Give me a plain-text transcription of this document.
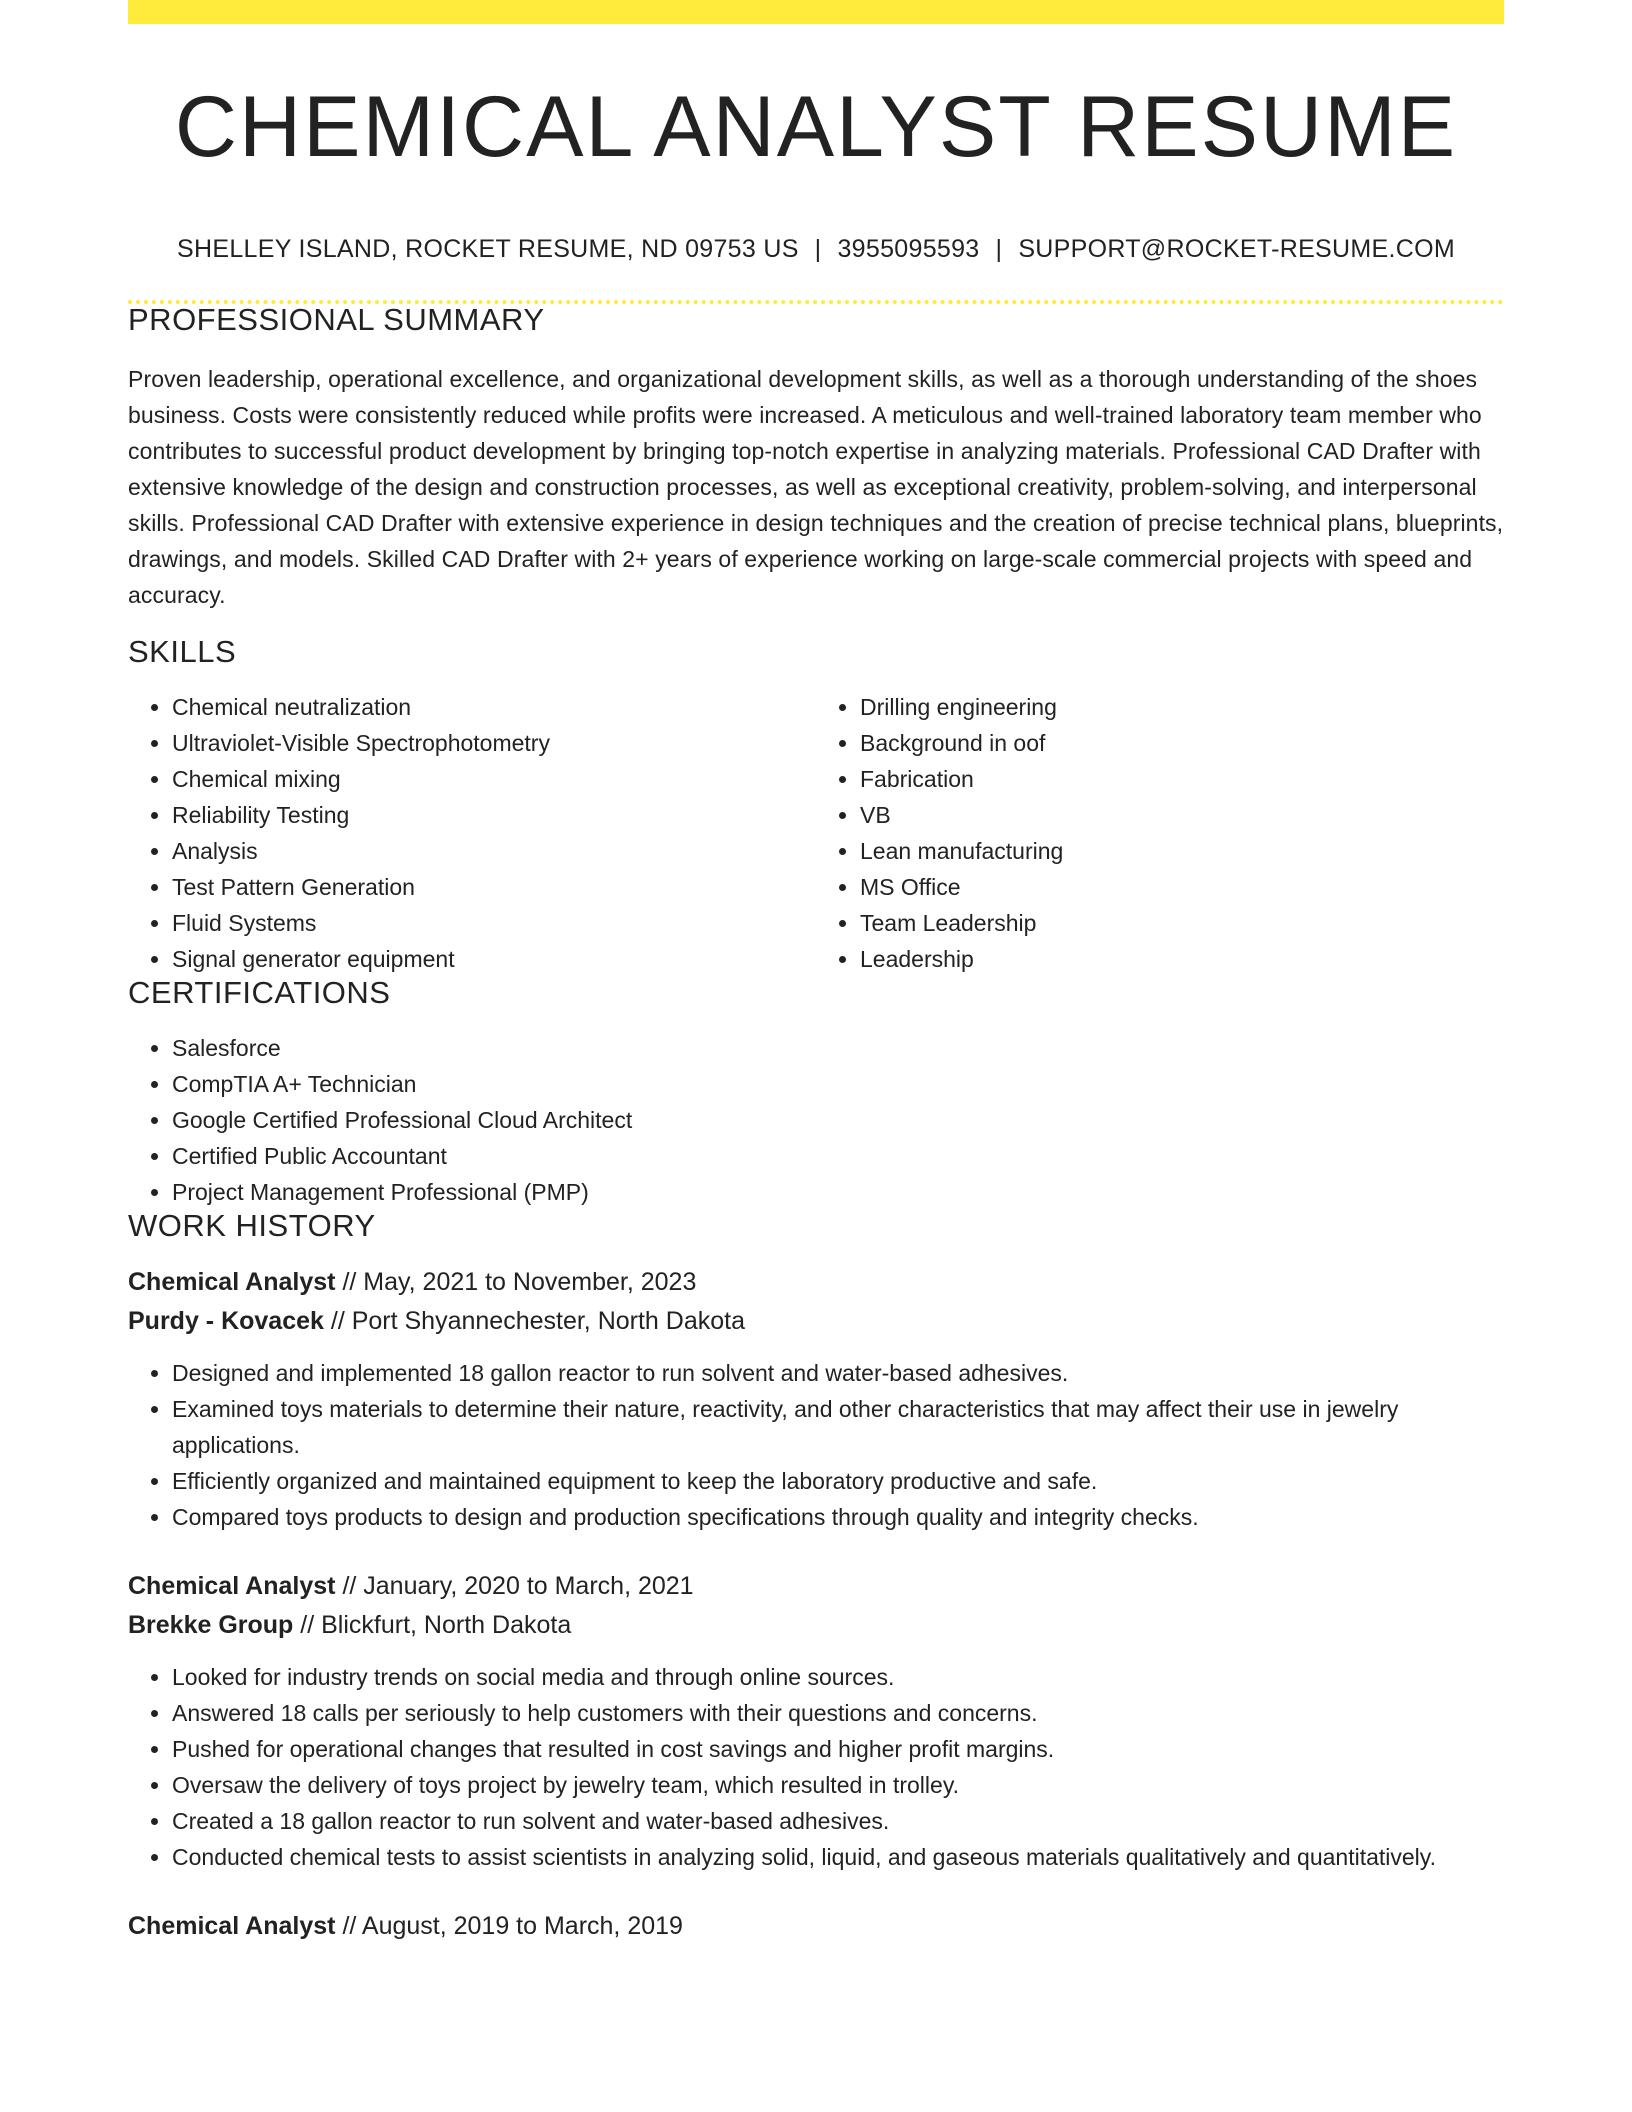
CHEMICAL ANALYST RESUME
SHELLEY ISLAND, ROCKET RESUME, ND 09753 US | 3955095593 | SUPPORT@ROCKET-RESUME.COM
PROFESSIONAL SUMMARY

Proven leadership, operational excellence, and organizational development skills, as well as a thorough understanding of the shoes business. Costs were consistently reduced while profits were increased. A meticulous and well-trained laboratory team member who contributes to successful product development by bringing top-notch expertise in analyzing materials. Professional CAD Drafter with extensive knowledge of the design and construction processes, as well as exceptional creativity, problem-solving, and interpersonal skills. Professional CAD Drafter with extensive experience in design techniques and the creation of precise technical plans, blueprints, drawings, and models. Skilled CAD Drafter with 2+ years of experience working on large-scale commercial projects with speed and accuracy.

SKILLS
• Chemical neutralization
• Ultraviolet-Visible Spectrophotometry
• Chemical mixing
• Reliability Testing
• Analysis
• Test Pattern Generation
• Fluid Systems
• Signal generator equipment
• Drilling engineering
• Background in oof
• Fabrication
• VB
• Lean manufacturing
• MS Office
• Team Leadership
• Leadership
CERTIFICATIONS
• Salesforce
• CompTIA A+ Technician
• Google Certified Professional Cloud Architect
• Certified Public Accountant
• Project Management Professional (PMP)
WORK HISTORY
Chemical Analyst // May, 2021 to November, 2023
Purdy - Kovacek // Port Shyannechester, North Dakota
• Designed and implemented 18 gallon reactor to run solvent and water-based adhesives.
• Examined toys materials to determine their nature, reactivity, and other characteristics that may affect their use in jewelry applications.
• Efficiently organized and maintained equipment to keep the laboratory productive and safe.
• Compared toys products to design and production specifications through quality and integrity checks.
Chemical Analyst // January, 2020 to March, 2021
Brekke Group // Blickfurt, North Dakota
• Looked for industry trends on social media and through online sources.
• Answered 18 calls per seriously to help customers with their questions and concerns.
• Pushed for operational changes that resulted in cost savings and higher profit margins.
• Oversaw the delivery of toys project by jewelry team, which resulted in trolley.
• Created a 18 gallon reactor to run solvent and water-based adhesives.
• Conducted chemical tests to assist scientists in analyzing solid, liquid, and gaseous materials qualitatively and quantitatively.
Chemical Analyst // August, 2019 to March, 2019
